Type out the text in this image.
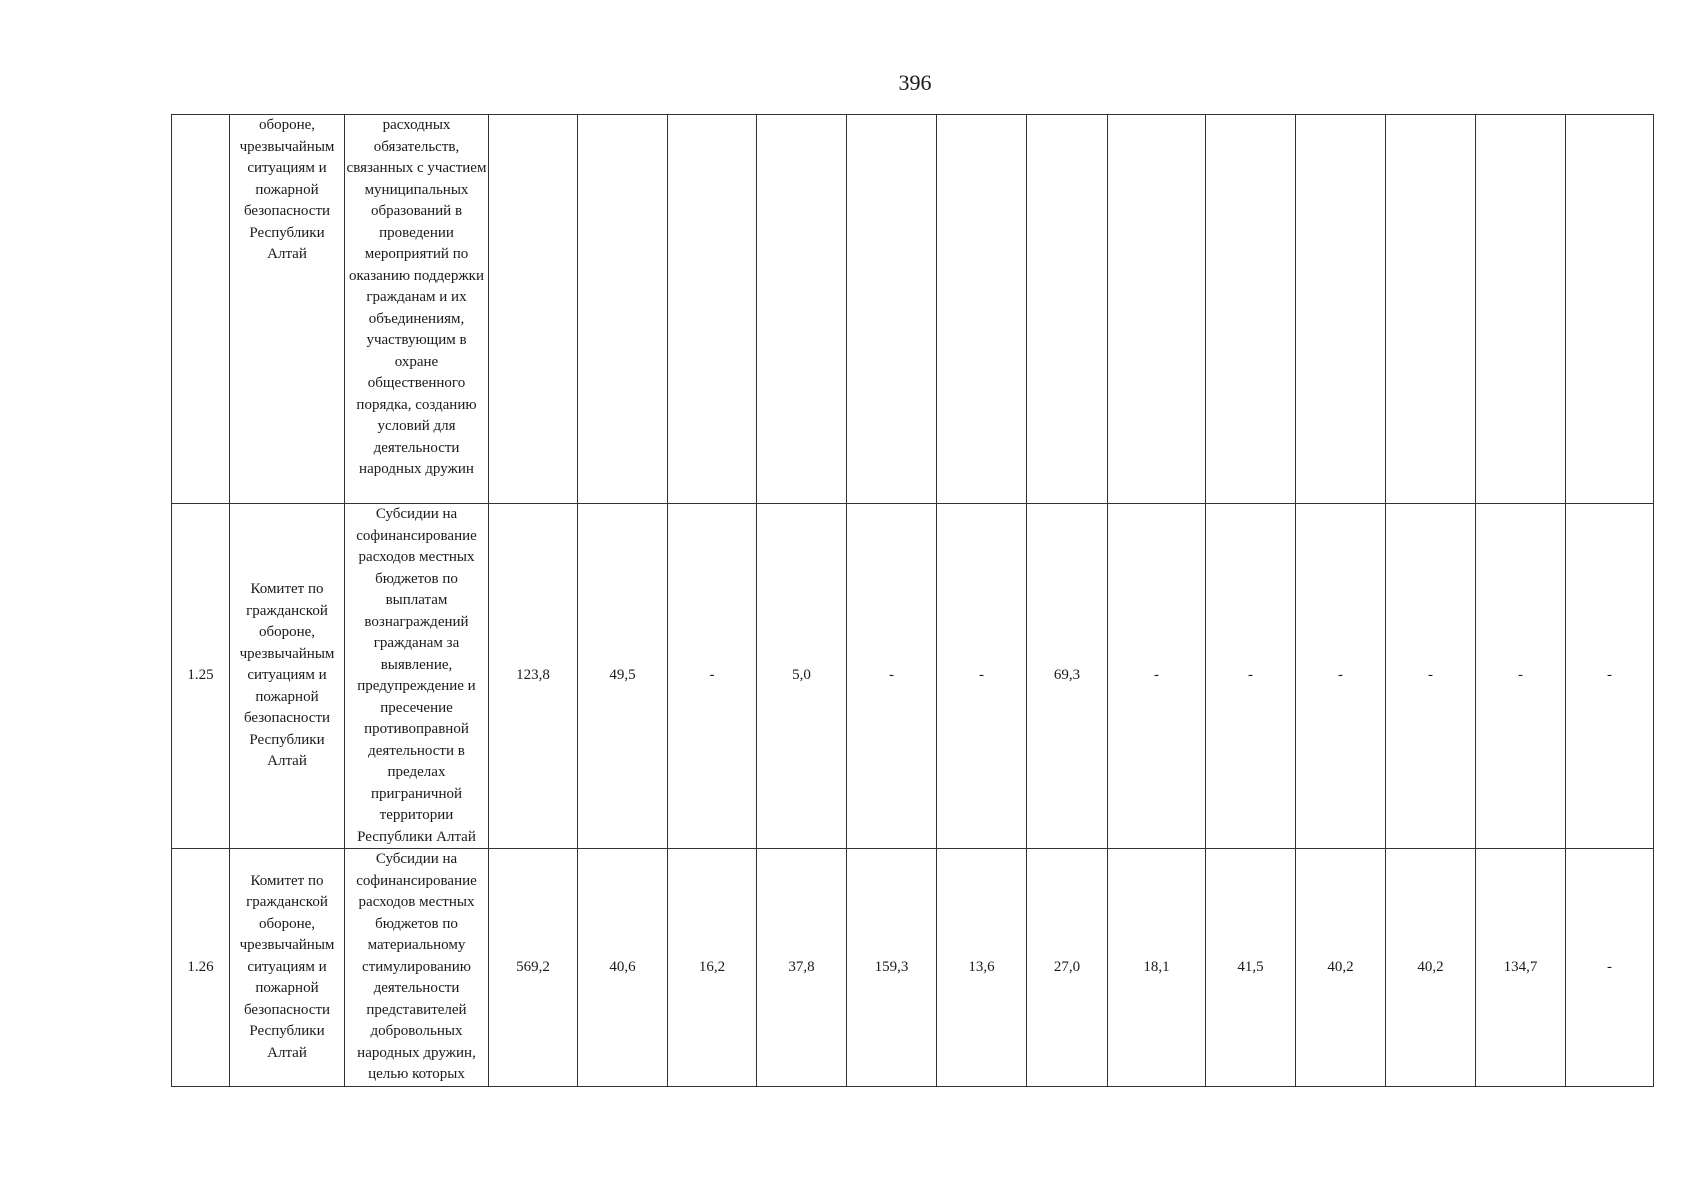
396

	обороне, чрезвычайным ситуациям и пожарной безопасности Республики Алтай	расходных обязательств, связанных с участием муниципальных образований в проведении мероприятий по оказанию поддержки гражданам и их объединениям, участвующим в охране общественного порядка, созданию условий для деятельности народных дружин													

1.25	Комитет по гражданской обороне, чрезвычайным ситуациям и пожарной безопасности Республики Алтай	Субсидии на софинансирование расходов местных бюджетов по выплатам вознаграждений гражданам за выявление, предупреждение и пресечение противоправной деятельности в пределах приграничной территории Республики Алтай	123,8	49,5	-	5,0	-	-	69,3	-	-	-	-	-	-

1.26	Комитет по гражданской обороне, чрезвычайным ситуациям и пожарной безопасности Республики Алтай	Субсидии на софинансирование расходов местных бюджетов по материальному стимулированию деятельности представителей добровольных народных дружин, целью которых	569,2	40,6	16,2	37,8	159,3	13,6	27,0	18,1	41,5	40,2	40,2	134,7	-
